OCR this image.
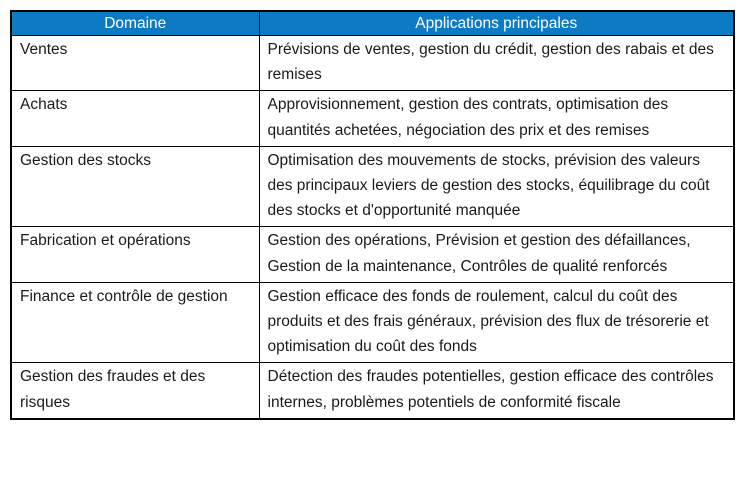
Domaine	Applications principales
Ventes	Prévisions de ventes, gestion du crédit, gestion des rabais et des remises
Achats	Approvisionnement, gestion des contrats, optimisation des quantités achetées, négociation des prix et des remises
Gestion des stocks	Optimisation des mouvements de stocks, prévision des valeurs des principaux leviers de gestion des stocks, équilibrage du coût des stocks et d'opportunité manquée
Fabrication et opérations	Gestion des opérations, Prévision et gestion des défaillances, Gestion de la maintenance, Contrôles de qualité renforcés
Finance et contrôle de gestion	Gestion efficace des fonds de roulement, calcul du coût des produits et des frais généraux, prévision des flux de trésorerie et optimisation du coût des fonds
Gestion des fraudes et des risques	Détection des fraudes potentielles, gestion efficace des contrôles internes, problèmes potentiels de conformité fiscale
